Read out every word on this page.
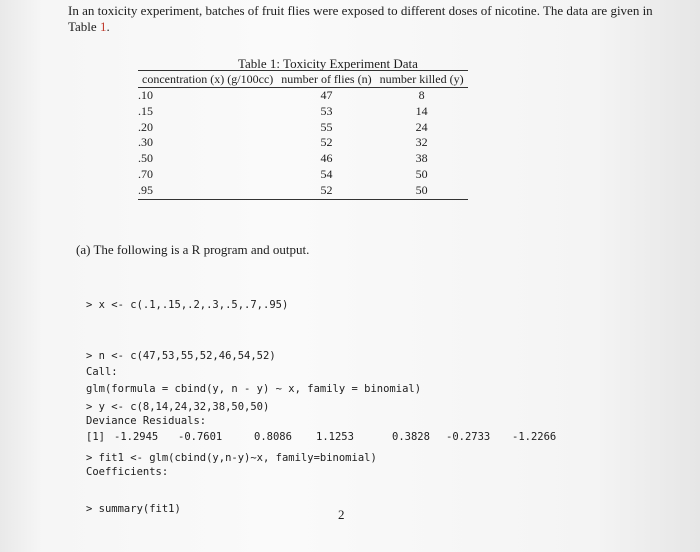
In an toxicity experiment, batches of fruit flies were exposed to different doses of nicotine. The data are given in Table 1.

Table 1: Toxicity Experiment Data
concentration (x) (g/100cc)	number of flies (n)	number killed (y)
.10	47	8
.15	53	14
.20	55	24
.30	52	32
.50	46	38
.70	54	50
.95	52	50
(a) The following is a R program and output.

> x <- c(.1,.15,.2,.3,.5,.7,.95)

> n <- c(47,53,55,52,46,54,52)

> y <- c(8,14,24,32,38,50,50)

> fit1 <- glm(cbind(y,n-y)~x, family=binomial)

> summary(fit1)

Call:
glm(formula = cbind(y, n - y) ~ x, family = binomial)
Deviance Residuals:
[1] -1.2945 -0.7601	0.8086 1.1253	0.3828 -0.2733 -1.2266
Coefficients:
2
